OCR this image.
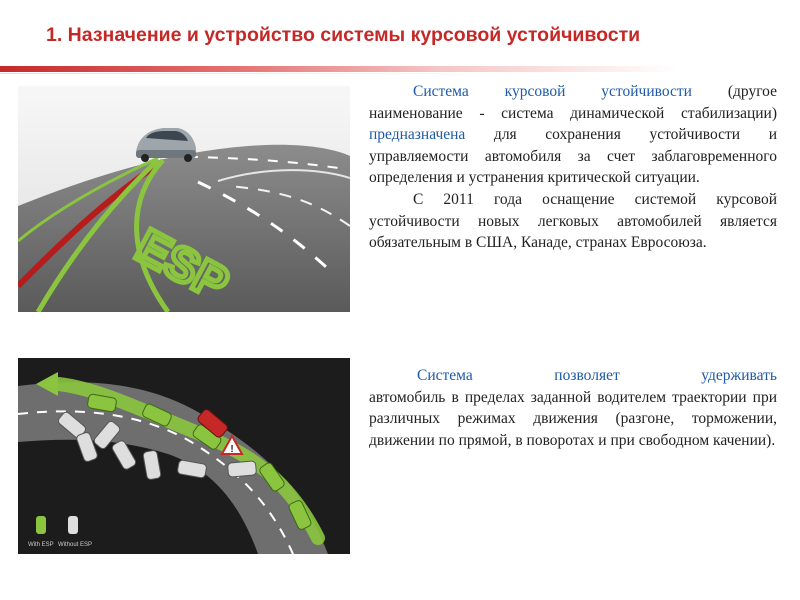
1. Назначение и устройство системы курсовой устойчивости
ESP
!
With ESP Without ESP

Система курсовой устойчивости (другое наименование - система динамической стабилизации) предназначена для сохранения устойчивости и управляемости автомобиля за счет заблаговременного определения и устранения критической ситуации.

С 2011 года оснащение системой курсовой устойчивости новых легковых автомобилей является обязательным в США, Канаде, странах Евросоюза.

Система	позволяет	удерживать

автомобиль в пределах заданной водителем траектории при различных режимах движения (разгоне, торможении, движении по прямой, в поворотах и при свободном качении).
